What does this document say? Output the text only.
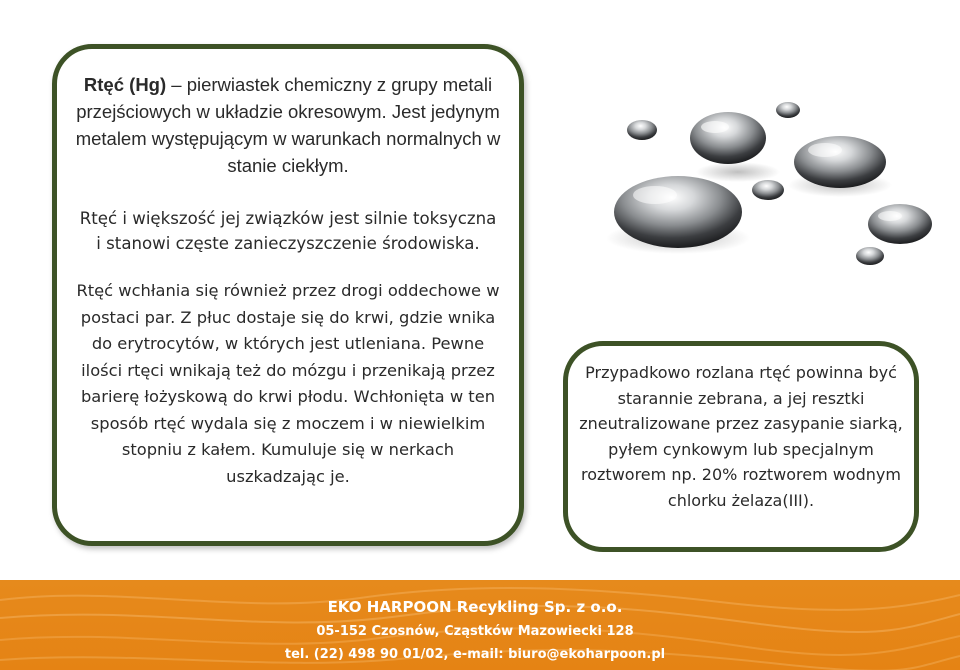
Rtęć (Hg) – pierwiastek chemiczny z grupy metali przejściowych w układzie okresowym. Jest jedynym metalem występującym w warunkach normalnych w stanie ciekłym.

Rtęć i większość jej związków jest silnie toksyczna i stanowi częste zanieczyszczenie środowiska.

Rtęć wchłania się również przez drogi oddechowe w postaci par. Z płuc dostaje się do krwi, gdzie wnika do erytrocytów, w których jest utleniana. Pewne ilości rtęci wnikają też do mózgu i przenikają przez barierę łożyskową do krwi płodu. Wchłonięta w ten sposób rtęć wydala się z moczem i w niewielkim stopniu z kałem. Kumuluje się w nerkach uszkadzając je.

Przypadkowo rozlana rtęć powinna być starannie zebrana, a jej resztki zneutralizowane przez zasypanie siarką, pyłem cynkowym lub specjalnym roztworem np. 20% roztworem wodnym chlorku żelaza(III).

EKO HARPOON Recykling Sp. z o.o.
05-152 Czosnów, Cząstków Mazowiecki 128
tel. (22) 498 90 01/02, e-mail: biuro@ekoharpoon.pl
